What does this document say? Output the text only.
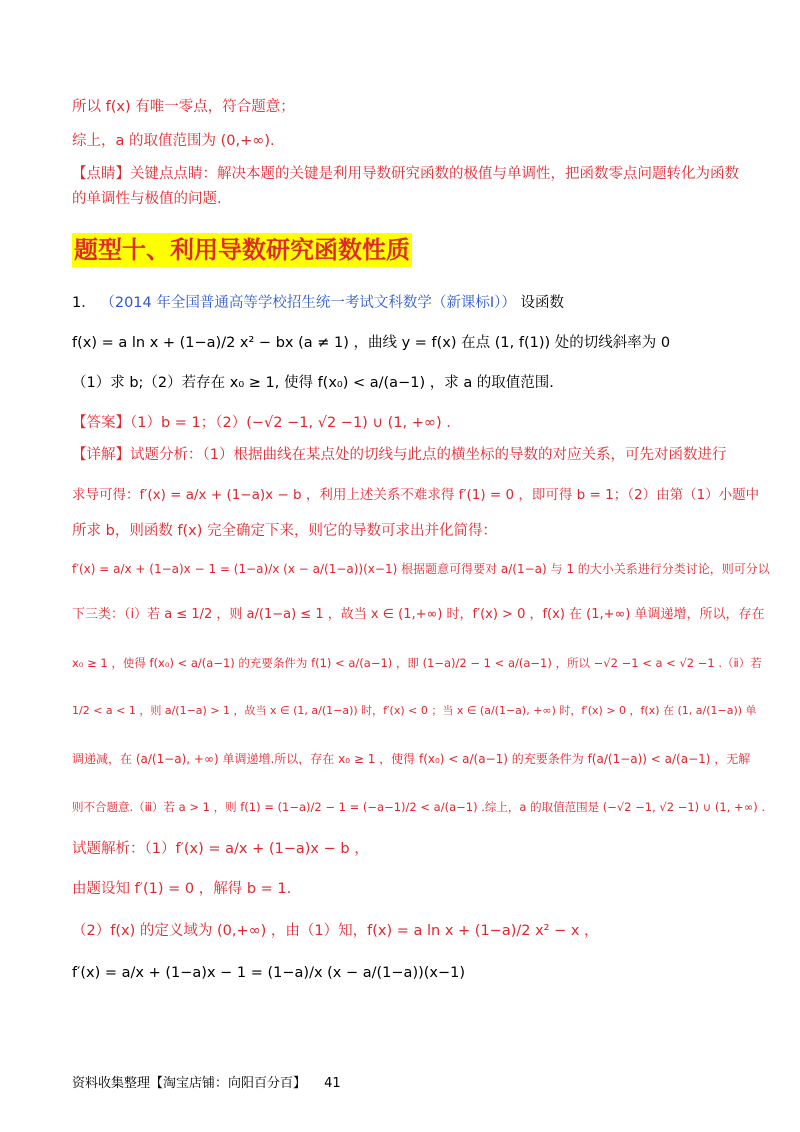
所以 f(x) 有唯一零点，符合题意；
综上，a 的取值范围为 (0,+∞).
【点睛】关键点点睛：解决本题的关键是利用导数研究函数的极值与单调性，把函数零点问题转化为函数
的单调性与极值的问题.
题型十、利用导数研究函数性质
1． （2014 年全国普通高等学校招生统一考试文科数学（新课标Ⅰ）） 设函数
f(x) = a ln x + (1−a)/2 x² − bx (a ≠ 1) ，曲线 y = f(x) 在点 (1, f(1)) 处的切线斜率为 0
（1）求 b;（2）若存在 x₀ ≥ 1, 使得 f(x₀) < a/(a−1) ，求 a 的取值范围.
【答案】（1）b = 1；（2）(−√2 −1, √2 −1) ∪ (1, +∞) .
【详解】试题分析：（1）根据曲线在某点处的切线与此点的横坐标的导数的对应关系，可先对函数进行
求导可得：f′(x) = a/x + (1−a)x − b ，利用上述关系不难求得 f′(1) = 0 ，即可得 b = 1；（2）由第（1）小题中
所求 b，则函数 f(x) 完全确定下来，则它的导数可求出并化简得：
f′(x) = a/x + (1−a)x − 1 = (1−a)/x (x − a/(1−a))(x−1) 根据题意可得要对 a/(1−a) 与 1 的大小关系进行分类讨论，则可分以
下三类：（ⅰ）若 a ≤ 1/2 ，则 a/(1−a) ≤ 1 ，故当 x ∈ (1,+∞) 时，f′(x) > 0 ，f(x) 在 (1,+∞) 单调递增，所以，存在
x₀ ≥ 1 ，使得 f(x₀) < a/(a−1) 的充要条件为 f(1) < a/(a−1) ，即 (1−a)/2 − 1 < a/(a−1) ，所以 −√2 −1 < a < √2 −1 .（ⅱ）若
1/2 < a < 1 ，则 a/(1−a) > 1 ，故当 x ∈ (1, a/(1−a)) 时，f′(x) < 0 ；当 x ∈ (a/(1−a), +∞) 时，f′(x) > 0 ，f(x) 在 (1, a/(1−a)) 单
调递减，在 (a/(1−a), +∞) 单调递增.所以，存在 x₀ ≥ 1 ，使得 f(x₀) < a/(a−1) 的充要条件为 f(a/(1−a)) < a/(a−1) ，无解
则不合题意.（ⅲ）若 a > 1 ，则 f(1) = (1−a)/2 − 1 = (−a−1)/2 < a/(a−1) .综上，a 的取值范围是 (−√2 −1, √2 −1) ∪ (1, +∞) .
试题解析：（1）f′(x) = a/x + (1−a)x − b ，
由题设知 f′(1) = 0 ，解得 b = 1.
（2）f(x) 的定义域为 (0,+∞) ，由（1）知，f(x) = a ln x + (1−a)/2 x² − x ，
f′(x) = a/x + (1−a)x − 1 = (1−a)/x (x − a/(1−a))(x−1)
资料收集整理【淘宝店铺：向阳百分百】 41
